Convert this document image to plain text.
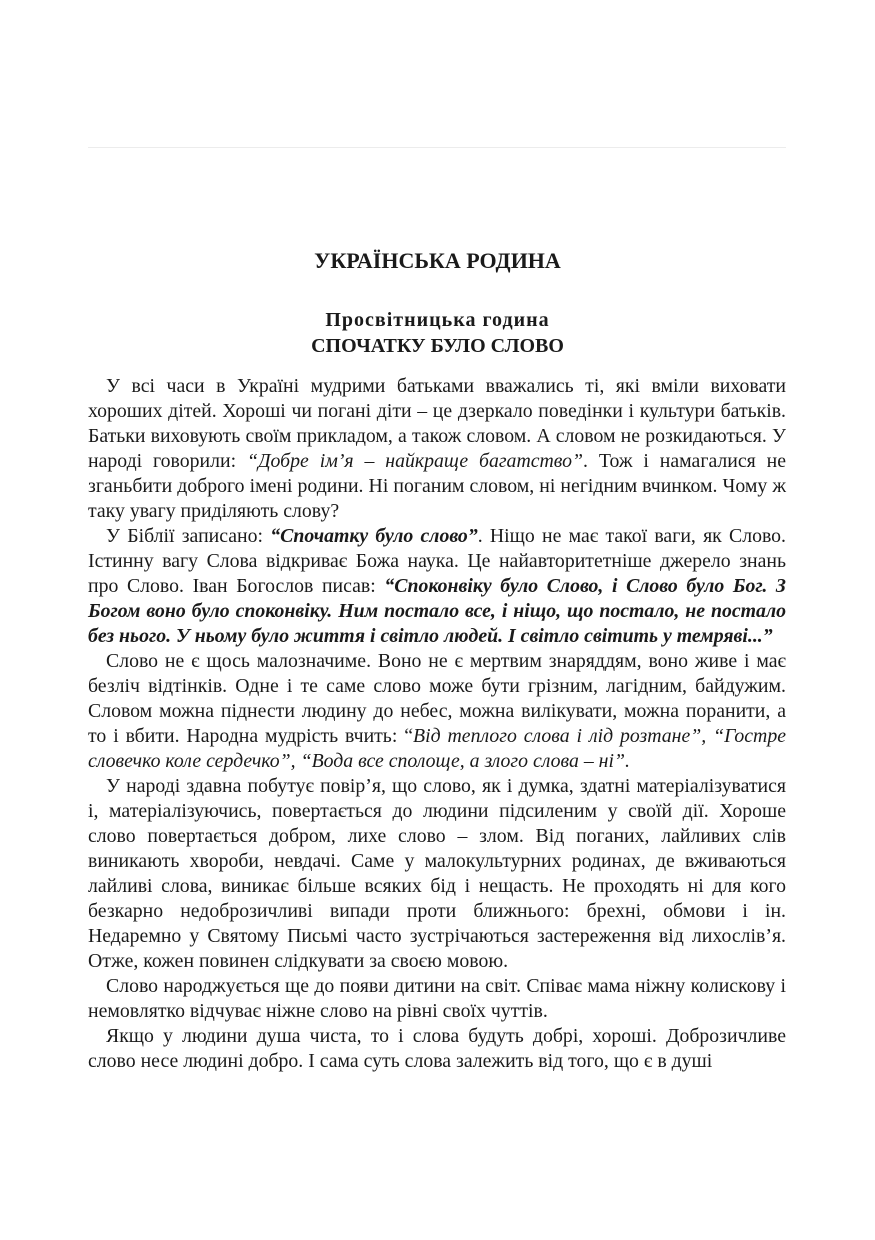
УКРАЇНСЬКА РОДИНА
Просвітницька година
СПОЧАТКУ БУЛО СЛОВО

У всі часи в Україні мудрими батьками вважались ті, які вміли виховати хороших дітей. Хороші чи погані діти – це дзеркало поведінки і культури батьків. Батьки виховують своїм прикладом, а також словом. А словом не розкидаються. У народі говорили: “Добре ім’я – найкраще багатство”. Тож і намагалися не зганьбити доброго імені родини. Ні поганим словом, ні негідним вчинком. Чому ж таку увагу приділяють слову?

У Біблії записано: “Спочатку було слово”. Ніщо не має такої ваги, як Слово. Істинну вагу Слова відкриває Божа наука. Це найавторитетніше джерело знань про Слово. Іван Богослов писав: “Споконвіку було Слово, і Слово було Бог. З Богом воно було споконвіку. Ним постало все, і ніщо, що постало, не постало без нього. У ньому було життя і світло людей. І світло світить у темряві...”

Слово не є щось малозначиме. Воно не є мертвим знаряддям, воно живе і має безліч відтінків. Одне і те саме слово може бути грізним, лагідним, байдужим. Словом можна піднести людину до небес, можна вилікувати, можна поранити, а то і вбити. Народна мудрість вчить: “Від теплого слова і лід розтане”, “Гостре словечко коле сердечко”, “Вода все сполоще, а злого слова – ні”.

У народі здавна побутує повір’я, що слово, як і думка, здатні матеріалізуватися і, матеріалізуючись, повертається до людини підсиленим у своїй дії. Хороше слово повертається добром, лихе слово – злом. Від поганих, лайливих слів виникають хвороби, невдачі. Саме у малокультурних родинах, де вживаються лайливі слова, виникає більше всяких бід і нещасть. Не проходять ні для кого безкарно недоброзичливі випади проти ближнього: брехні, обмови і ін. Недаремно у Святому Письмі часто зустрічаються застереження від лихослів’я. Отже, кожен повинен слідкувати за своєю мовою.

Слово народжується ще до появи дитини на світ. Співає мама ніжну колискову і немовлятко відчуває ніжне слово на рівні своїх чуттів.

Якщо у людини душа чиста, то і слова будуть добрі, хороші. Доброзичливе слово несе людині добро. І сама суть слова залежить від того, що є в душі
